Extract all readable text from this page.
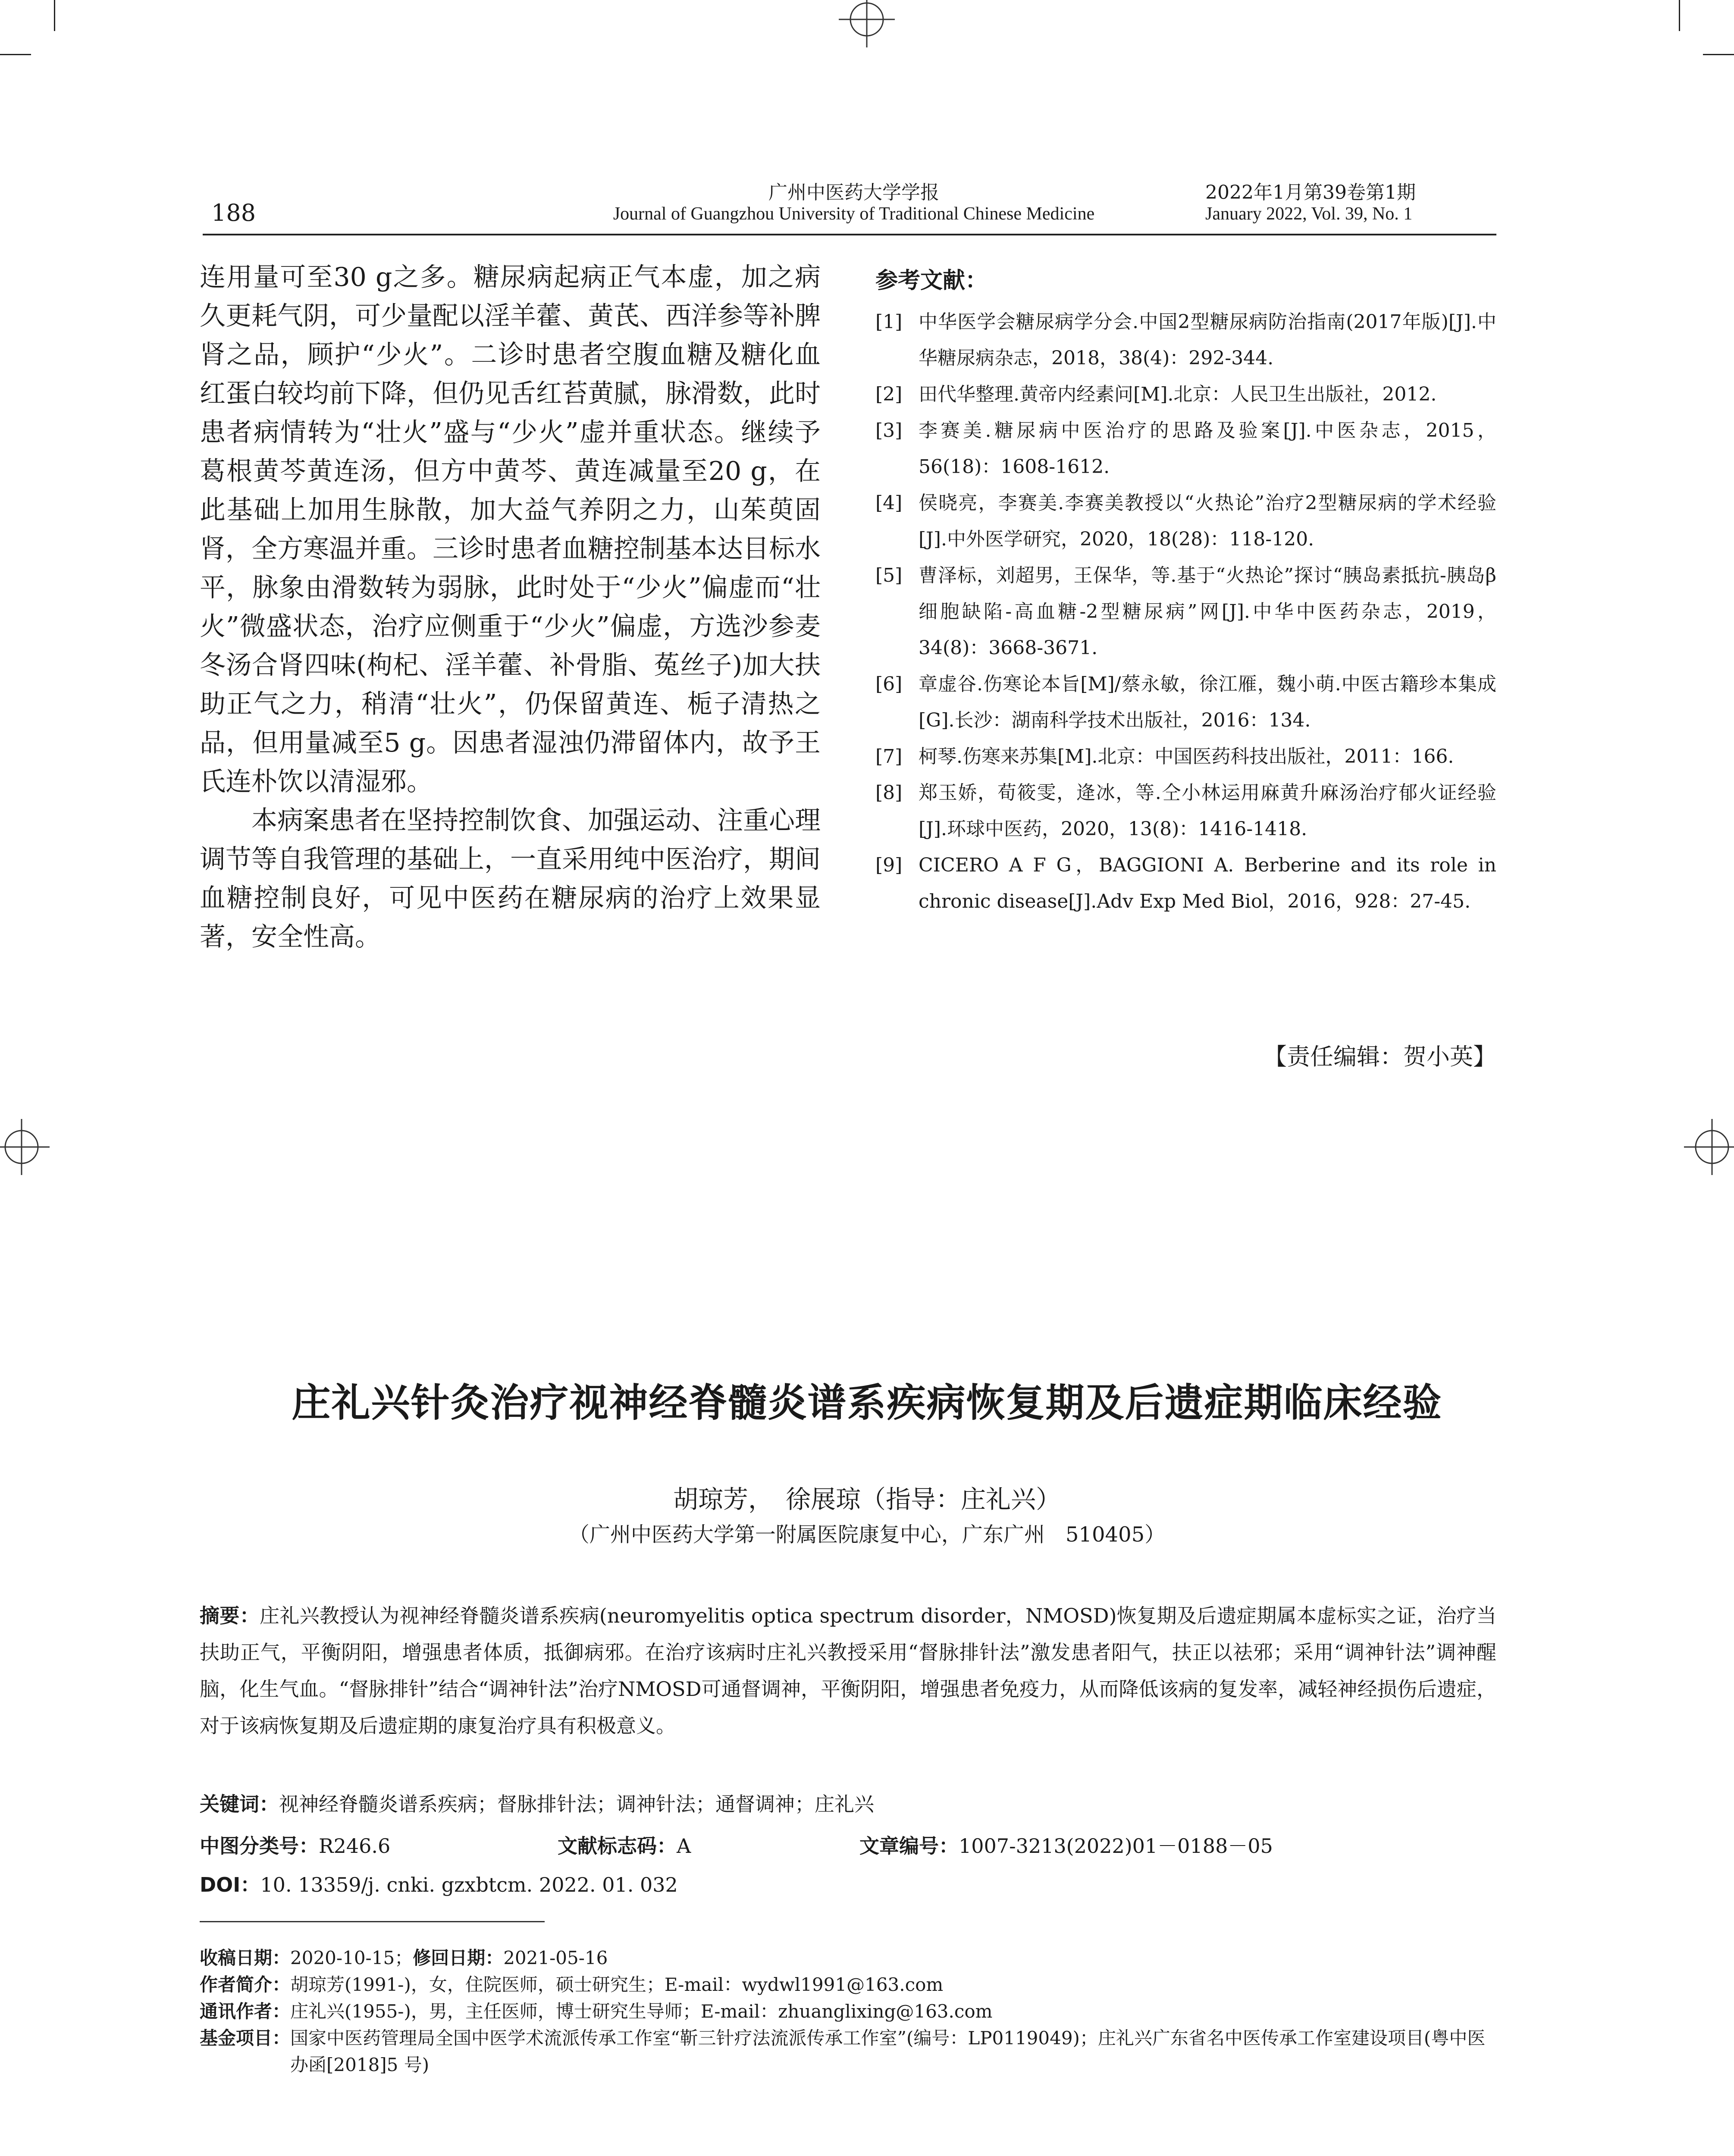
188
广州中医药大学学报
Journal of Guangzhou University of Traditional Chinese Medicine
2022年1月第39卷第1期
January 2022, Vol. 39, No. 1

连用量可至30 g之多。糖尿病起病正气本虚，加之病久更耗气阴，可少量配以淫羊藿、黄芪、西洋参等补脾肾之品，顾护“少火”。二诊时患者空腹血糖及糖化血红蛋白较均前下降，但仍见舌红苔黄腻，脉滑数，此时患者病情转为“壮火”盛与“少火”虚并重状态。继续予葛根黄芩黄连汤，但方中黄芩、黄连减量至20 g，在此基础上加用生脉散，加大益气养阴之力，山茱萸固肾，全方寒温并重。三诊时患者血糖控制基本达目标水平，脉象由滑数转为弱脉，此时处于“少火”偏虚而“壮火”微盛状态，治疗应侧重于“少火”偏虚，方选沙参麦冬汤合肾四味(枸杞、淫羊藿、补骨脂、菟丝子)加大扶助正气之力，稍清“壮火”，仍保留黄连、栀子清热之品，但用量减至5 g。因患者湿浊仍滞留体内，故予王氏连朴饮以清湿邪。

本病案患者在坚持控制饮食、加强运动、注重心理调节等自我管理的基础上，一直采用纯中医治疗，期间血糖控制良好，可见中医药在糖尿病的治疗上效果显著，安全性高。

参考文献：
[1] 中华医学会糖尿病学分会.中国2型糖尿病防治指南(2017年版)[J].中华糖尿病杂志，2018，38(4)：292-344.
[2] 田代华整理.黄帝内经素问[M].北京：人民卫生出版社，2012.
[3] 李赛美.糖尿病中医治疗的思路及验案[J].中医杂志，2015，56(18)：1608-1612.
[4] 侯晓亮，李赛美.李赛美教授以“火热论”治疗2型糖尿病的学术经验[J].中外医学研究，2020，18(28)：118-120.
[5] 曹泽标，刘超男，王保华，等.基于“火热论”探讨“胰岛素抵抗-胰岛β细胞缺陷-高血糖-2型糖尿病”网[J].中华中医药杂志，2019，34(8)：3668-3671.
[6] 章虚谷.伤寒论本旨[M]/蔡永敏，徐江雁，魏小萌.中医古籍珍本集成[G].长沙：湖南科学技术出版社，2016：134.
[7] 柯琴.伤寒来苏集[M].北京：中国医药科技出版社，2011：166.
[8] 郑玉娇，荀筱雯，逄冰，等.仝小林运用麻黄升麻汤治疗郁火证经验[J].环球中医药，2020，13(8)：1416-1418.
[9] CICERO A F G，BAGGIONI A. Berberine and its role in chronic disease[J].Adv Exp Med Biol，2016，928：27-45.
【责任编辑：贺小英】
庄礼兴针灸治疗视神经脊髓炎谱系疾病恢复期及后遗症期临床经验
胡琼芳，　徐展琼（指导：庄礼兴）
（广州中医药大学第一附属医院康复中心，广东广州　510405）
摘要：庄礼兴教授认为视神经脊髓炎谱系疾病(neuromyelitis optica spectrum disorder，NMOSD)恢复期及后遗症期属本虚标实之证，治疗当扶助正气，平衡阴阳，增强患者体质，抵御病邪。在治疗该病时庄礼兴教授采用“督脉排针法”激发患者阳气，扶正以祛邪；采用“调神针法”调神醒脑，化生气血。“督脉排针”结合“调神针法”治疗NMOSD可通督调神，平衡阴阳，增强患者免疫力，从而降低该病的复发率，减轻神经损伤后遗症，对于该病恢复期及后遗症期的康复治疗具有积极意义。
关键词：视神经脊髓炎谱系疾病；督脉排针法；调神针法；通督调神；庄礼兴
中图分类号：R246.6	文献标志码：A	文章编号：1007-3213(2022)01－0188－05
DOI：10. 13359/j. cnki. gzxbtcm. 2022. 01. 032
收稿日期： 2020-10-15；修回日期：2021-05-16
作者简介： 胡琼芳(1991-)，女，住院医师，硕士研究生；E-mail：wydwl1991@163.com
通讯作者： 庄礼兴(1955-)，男，主任医师，博士研究生导师；E-mail：zhuanglixing@163.com
基金项目： 国家中医药管理局全国中医学术流派传承工作室“靳三针疗法流派传承工作室”(编号：LP0119049)；庄礼兴广东省名中医传承工作室建设项目(粤中医办函[2018]5 号)
